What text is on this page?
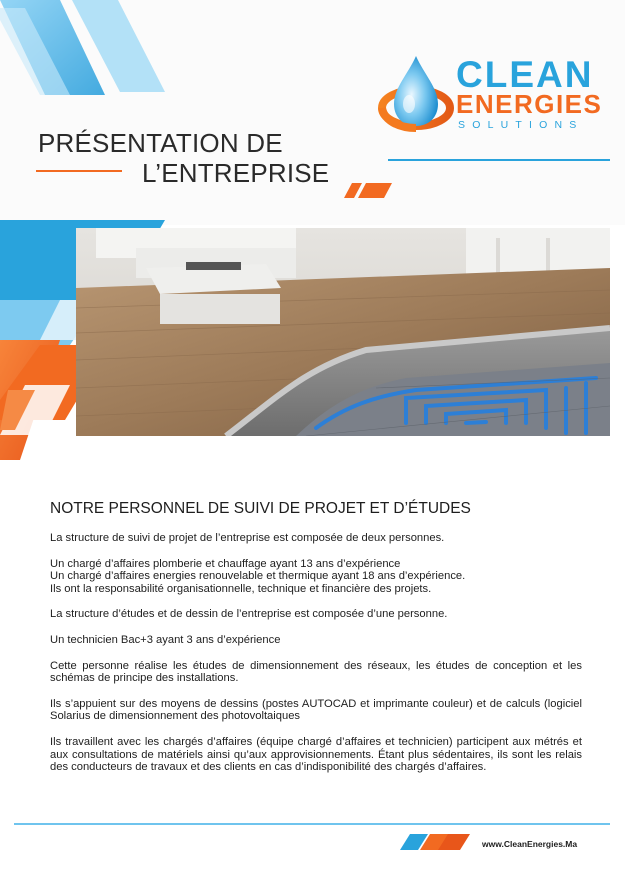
PRÉSENTATION DE
L’ENTREPRISE
CLEAN
ENERGIES
SOLUTIONS
NOTRE PERSONNEL DE SUIVI DE PROJET ET D’ÉTUDES

La structure de suivi de projet de l’entreprise est composée de deux personnes.

Un chargé d’affaires plomberie et chauffage ayant 13 ans d’expérience
Un chargé d’affaires energies renouvelable et thermique ayant 18 ans d’expérience.
Ils ont la responsabilité organisationnelle, technique et financière des projets.

La structure d’études et de dessin de l’entreprise est composée d’une personne.

Un technicien Bac+3 ayant 3 ans d’expérience

Cette personne réalise les études de dimensionnement des réseaux, les études de conception et les schémas de principe des installations.

Ils s’appuient sur des moyens de dessins (postes AUTOCAD et imprimante couleur) et de calculs (logiciel Solarius de dimensionnement des photovoltaiques

Ils travaillent avec les chargés d’affaires (équipe chargé d’affaires et technicien) participent aux métrés et aux consultations de matériels ainsi qu’aux approvisionnements. Étant plus sédentaires, ils sont les relais des conducteurs de travaux et des clients en cas d’indisponibilité des chargés d’affaires.

www.CleanEnergies.Ma
